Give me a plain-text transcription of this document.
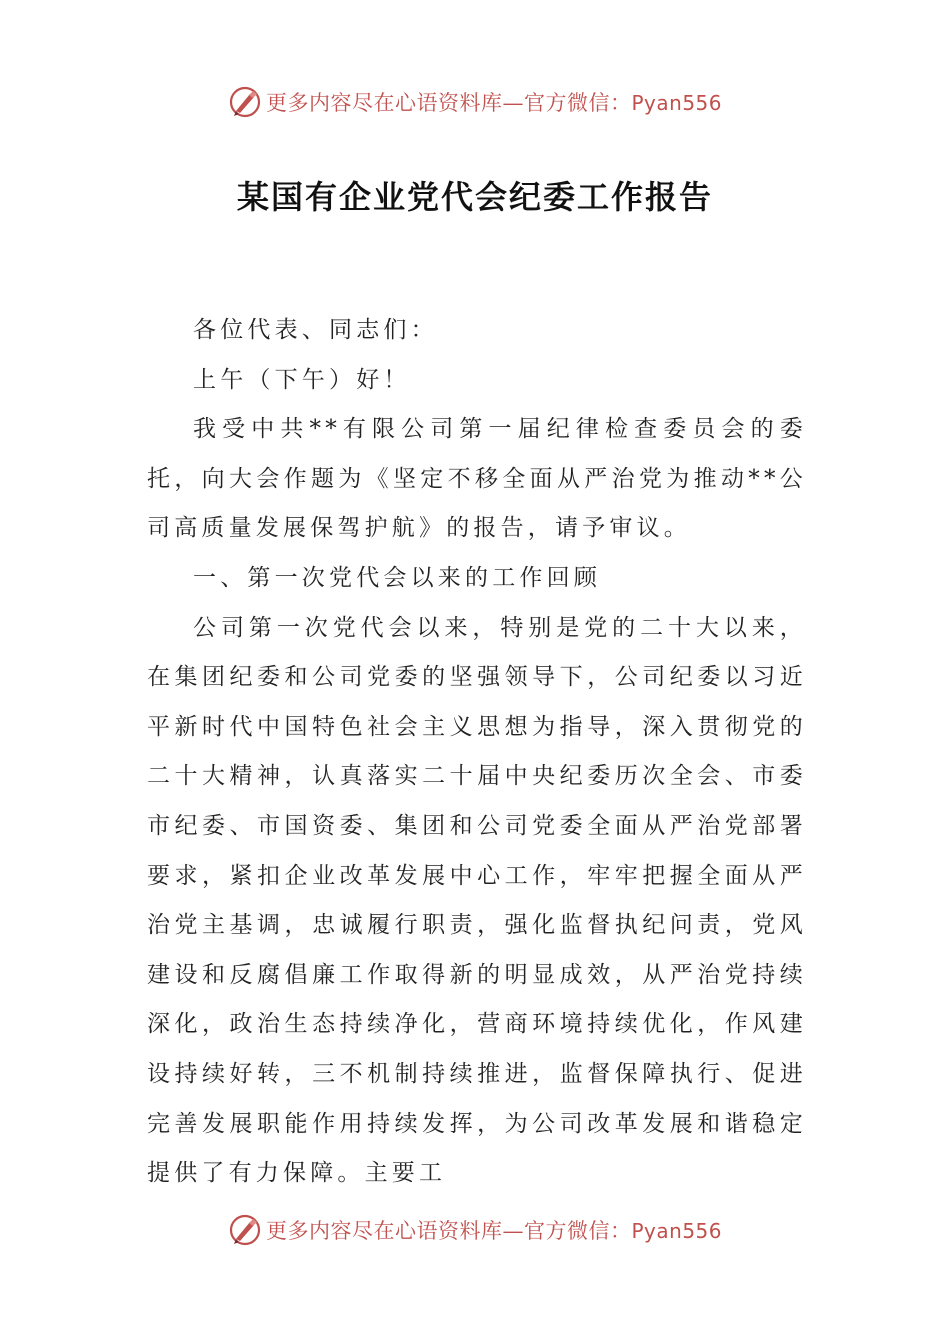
更多内容尽在心语资料库—官方微信：Pyan556
某国有企业党代会纪委工作报告

各位代表、同志们：

上午（下午）好！

我受中共**有限公司第一届纪律检查委员会的委托，向大会作题为《坚定不移全面从严治党为推动**公司高质量发展保驾护航》的报告，请予审议。

一、第一次党代会以来的工作回顾

公司第一次党代会以来，特别是党的二十大以来，在集团纪委和公司党委的坚强领导下，公司纪委以习近平新时代中国特色社会主义思想为指导，深入贯彻党的二十大精神，认真落实二十届中央纪委历次全会、市委市纪委、市国资委、集团和公司党委全面从严治党部署要求，紧扣企业改革发展中心工作，牢牢把握全面从严治党主基调，忠诚履行职责，强化监督执纪问责，党风建设和反腐倡廉工作取得新的明显成效，从严治党持续深化，政治生态持续净化，营商环境持续优化，作风建设持续好转，三不机制持续推进，监督保障执行、促进完善发展职能作用持续发挥，为公司改革发展和谐稳定提供了有力保障。主要工

更多内容尽在心语资料库—官方微信：Pyan556
